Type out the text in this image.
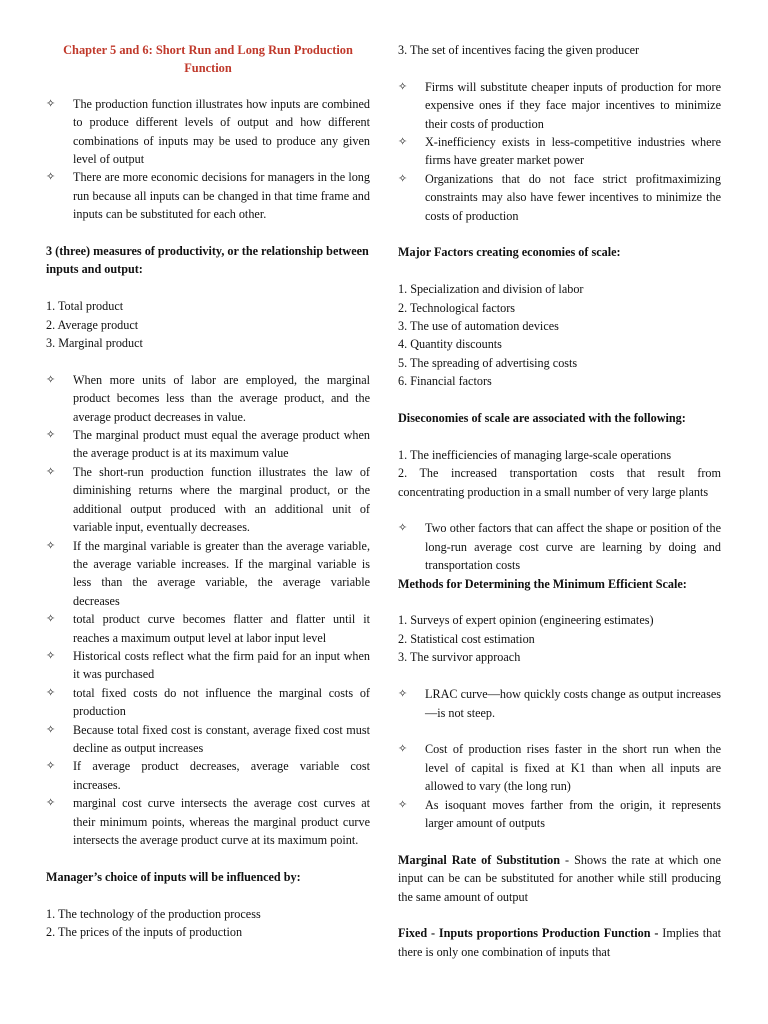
Chapter 5 and 6: Short Run and Long Run Production Function

✧ The production function illustrates how inputs are combined to produce different levels of output and how different combinations of inputs may be used to produce any given level of output
✧ There are more economic decisions for managers in the long run because all inputs can be changed in that time frame and inputs can be substituted for each other.

3 (three) measures of productivity, or the relationship between inputs and output:

1. Total product
2. Average product
3. Marginal product
✧ When more units of labor are employed, the marginal product becomes less than the average product, and the average product decreases in value.
✧ The marginal product must equal the average product when the average product is at its maximum value
✧ The short-run production function illustrates the law of diminishing returns where the marginal product, or the additional output produced with an additional unit of variable input, eventually decreases.
✧ If the marginal variable is greater than the average variable, the average variable increases. If the marginal variable is less than the average variable, the average variable decreases
✧ total product curve becomes flatter and flatter until it reaches a maximum output level at labor input level
✧ Historical costs reflect what the firm paid for an input when it was purchased
✧ total fixed costs do not influence the marginal costs of production
✧ Because total fixed cost is constant, average fixed cost must decline as output increases
✧ If average product decreases, average variable cost increases.
✧ marginal cost curve intersects the average cost curves at their minimum points, whereas the marginal product curve intersects the average product curve at its maximum point.

Manager’s choice of inputs will be influenced by:

1. The technology of the production process
2. The prices of the inputs of production

3. The set of incentives facing the given producer

✧ Firms will substitute cheaper inputs of production for more expensive ones if they face major incentives to minimize their costs of production
✧ X-inefficiency exists in less-competitive industries where firms have greater market power
✧ Organizations that do not face strict profitmaximizing constraints may also have fewer incentives to minimize the costs of production

Major Factors creating economies of scale:

1. Specialization and division of labor
2. Technological factors
3. The use of automation devices
4. Quantity discounts
5. The spreading of advertising costs
6. Financial factors

Diseconomies of scale are associated with the following:

1. The inefficiencies of managing large-scale operations
2. The increased transportation costs that result from concentrating production in a small number of very large plants
✧ Two other factors that can affect the shape or position of the long-run average cost curve are learning by doing and transportation costs

Methods for Determining the Minimum Efficient Scale:

1. Surveys of expert opinion (engineering estimates)
2. Statistical cost estimation
3. The survivor approach
✧ LRAC curve—how quickly costs change as output increases—is not steep.
✧ Cost of production rises faster in the short run when the level of capital is fixed at K1 than when all inputs are allowed to vary (the long run)
✧ As isoquant moves farther from the origin, it represents larger amount of outputs

Marginal Rate of Substitution - Shows the rate at which one input can be can be substituted for another while still producing the same amount of output

Fixed - Inputs proportions Production Function - Implies that there is only one combination of inputs that
